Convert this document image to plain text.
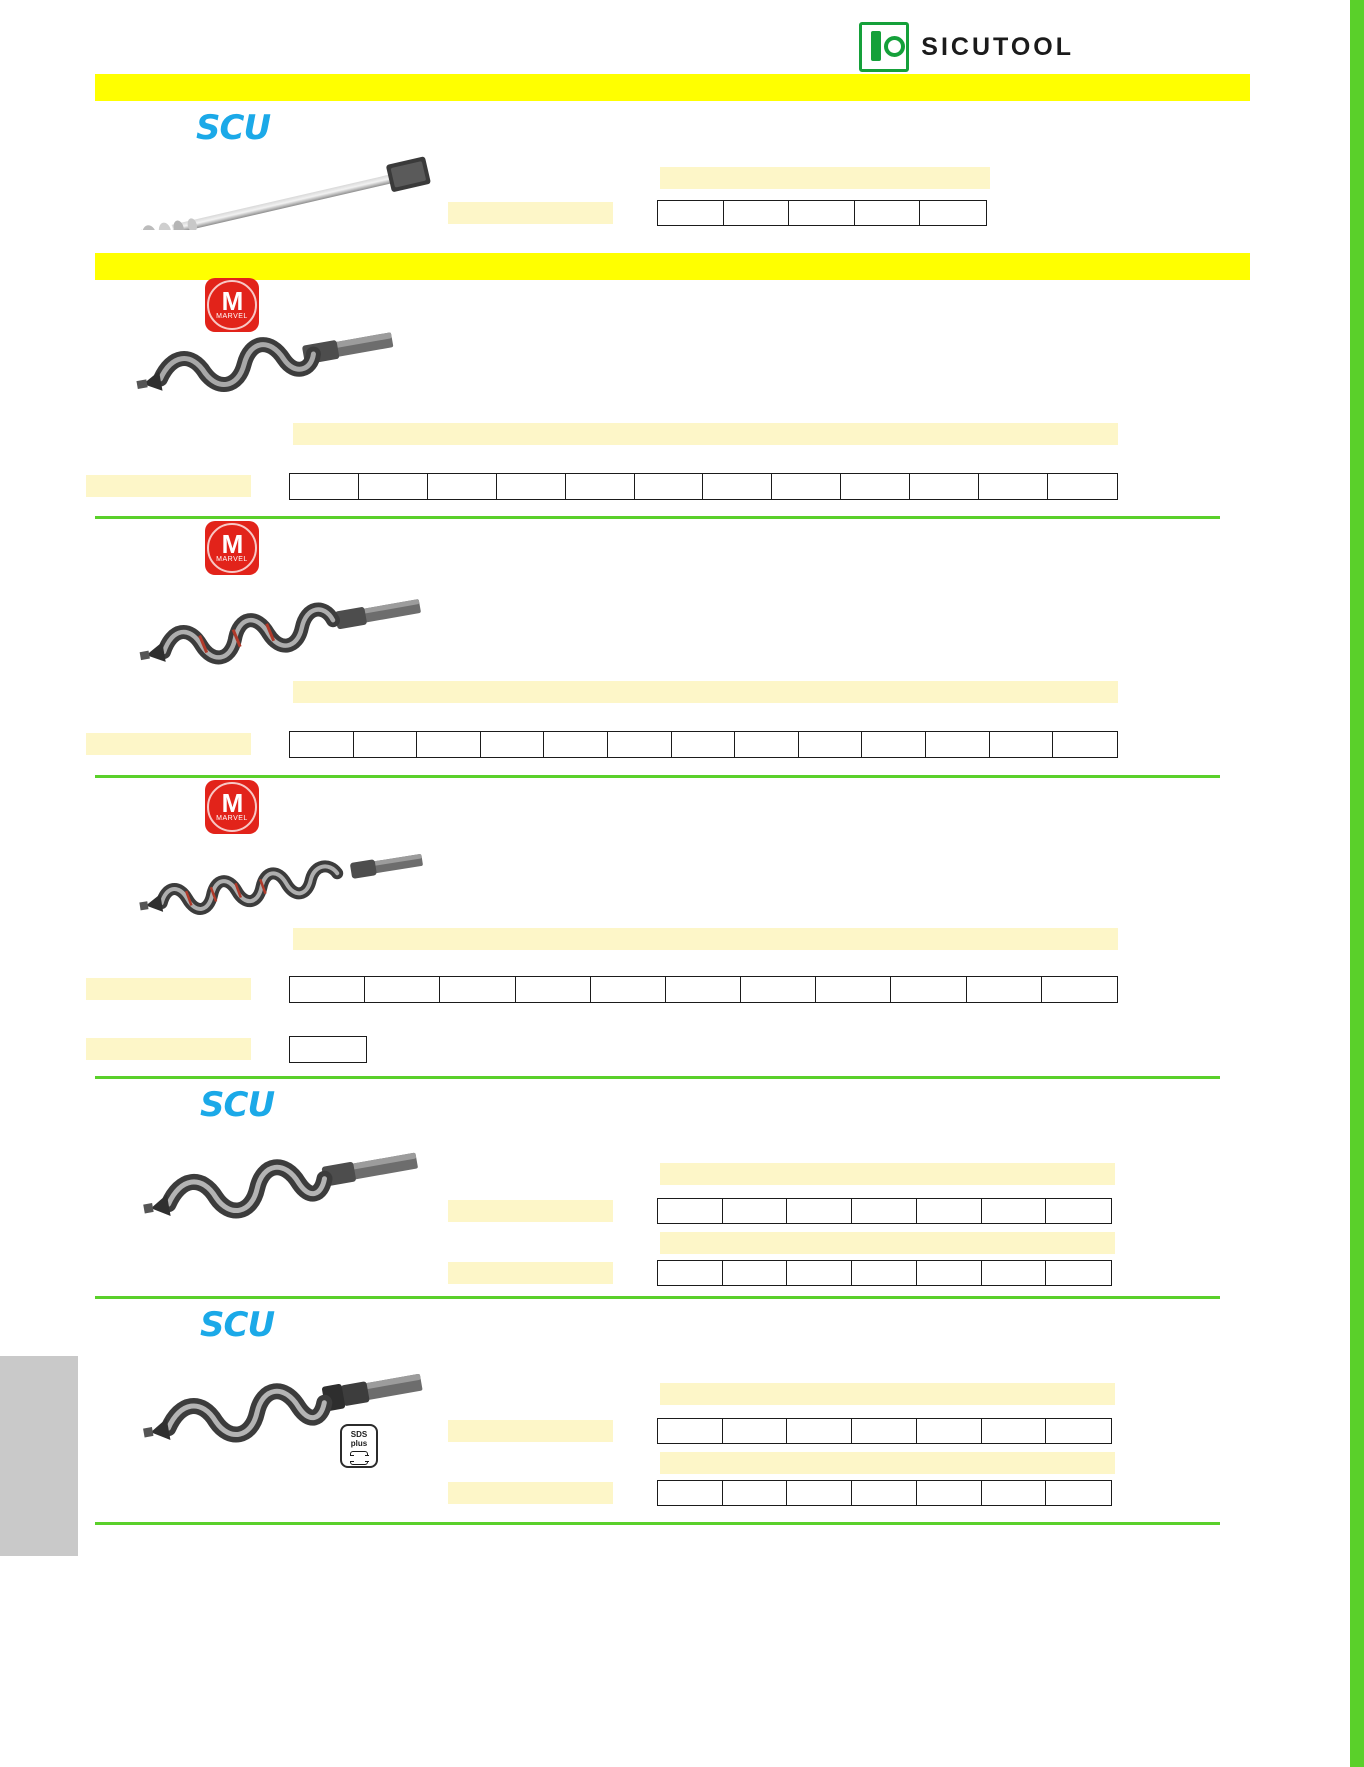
SICUTOOL
SCU
M
MARVEL
M
MARVEL
M
MARVEL
SCU
SCU
SDS
plus
